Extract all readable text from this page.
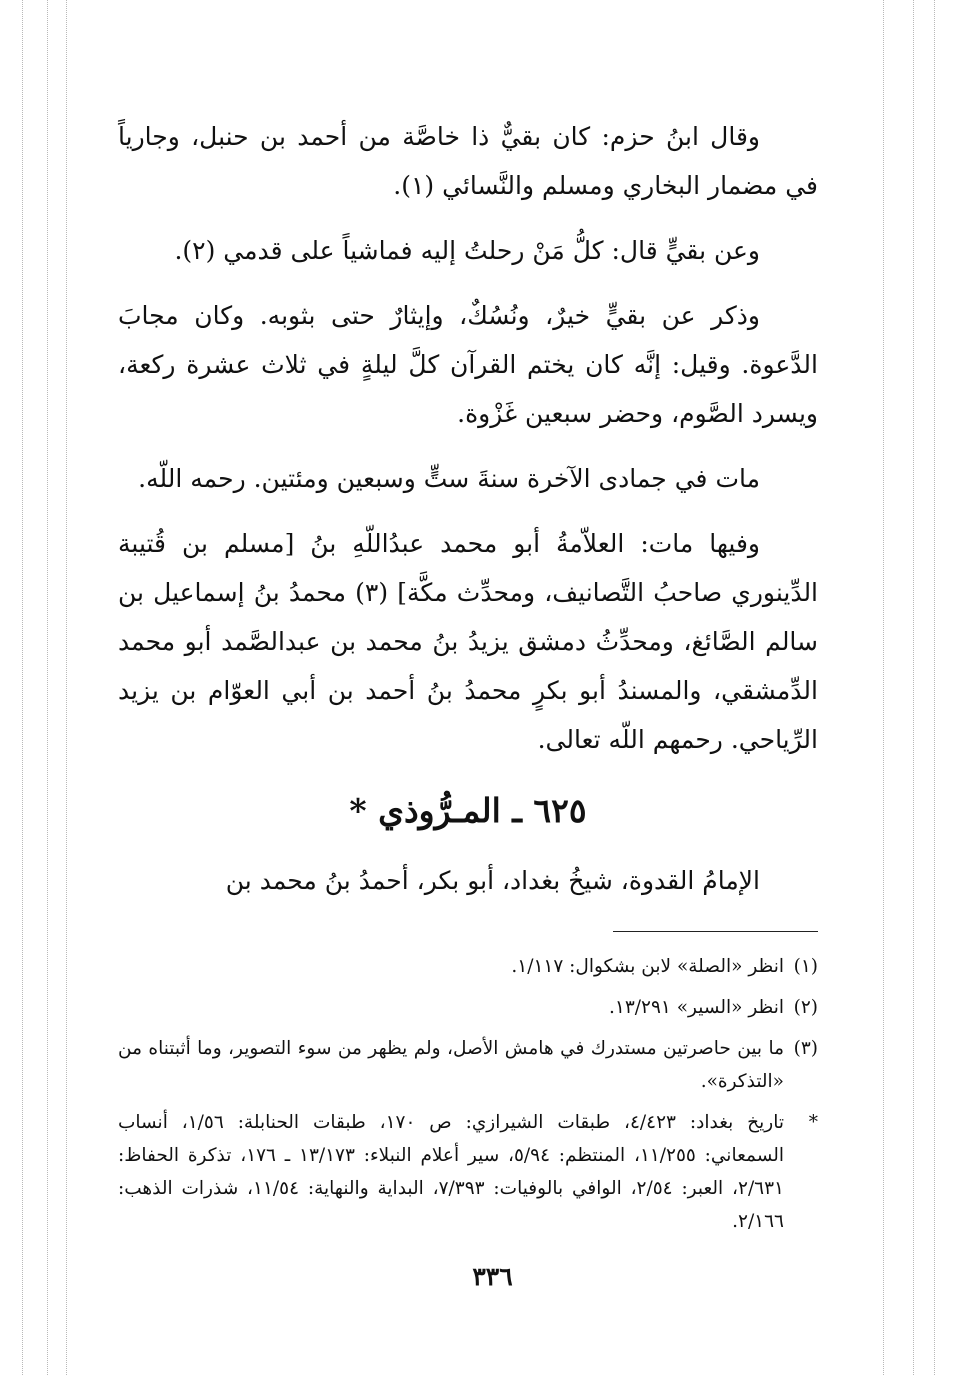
وقال ابنُ حزم: كان بقيٌّ ذا خاصَّة من أحمد بن حنبل، وجارياً في مضمار البخاري ومسلم والنَّسائي (١).

وعن بقيٍّ قال: كلُّ مَنْ رحلتُ إليه فماشياً على قدمي (٢).

وذكر عن بقيٍّ خيرٌ، ونُسُكٌ، وإيثارٌ حتى بثوبه. وكان مجابَ الدَّعوة. وقيل: إنَّه كان يختم القرآن كلَّ ليلةٍ في ثلاث عشرة ركعة، ويسرد الصَّوم، وحضر سبعين غَزْوة.

مات في جمادى الآخرة سنةَ ستٍّ وسبعين ومئتين. رحمه اللّه.

وفيها مات: العلاّمةُ أبو محمد عبدُاللّهِ بنُ [مسلم بن قُتيبة الدِّينوري صاحبُ التَّصانيف، ومحدِّث مكَّة] (٣) محمدُ بنُ إسماعيل بن سالم الصَّائغ، ومحدِّثُ دمشق يزيدُ بنُ محمد بن عبدالصَّمد أبو محمد الدِّمشقي، والمسندُ أبو بكرٍ محمدُ بنُ أحمد بن أبي العوّام بن يزيد الرِّياحي. رحمهم اللّه تعالى.

٦٢٥ ـ المـرُّوذي *

الإمامُ القدوة، شيخُ بغداد، أبو بكر، أحمدُ بنُ محمد بن

(١)
انظر «الصلة» لابن بشكوال: ١/١١٧.
(٢)
انظر «السير» ١٣/٢٩١.
(٣)
ما بين حاصرتين مستدرك في هامش الأصل، ولم يظهر من سوء التصوير، وما أثبتناه من «التذكرة».
*
تاريخ بغداد: ٤/٤٢٣، طبقات الشيرازي: ص ١٧٠، طبقات الحنابلة: ١/٥٦، أنساب السمعاني: ١١/٢٥٥، المنتظم: ٥/٩٤، سير أعلام النبلاء: ١٣/١٧٣ ـ ١٧٦، تذكرة الحفاظ: ٢/٦٣١، العبر: ٢/٥٤، الوافي بالوفيات: ٧/٣٩٣، البداية والنهاية: ١١/٥٤، شذرات الذهب: ٢/١٦٦.
٣٣٦
